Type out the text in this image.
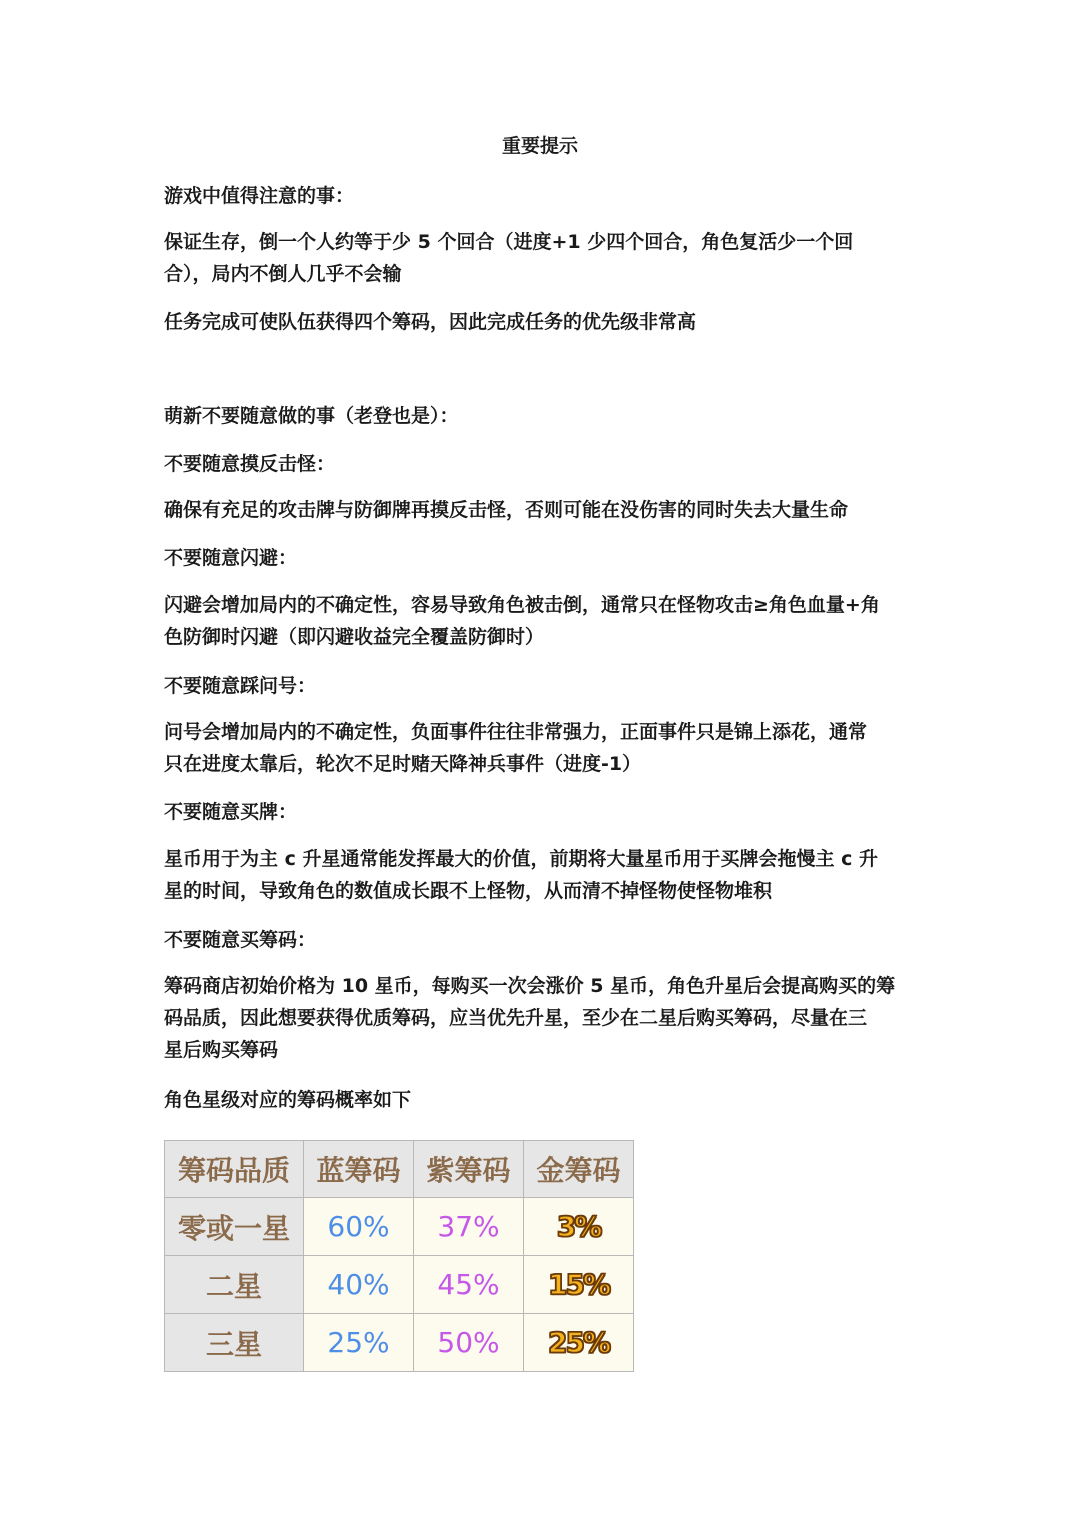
重要提示
游戏中值得注意的事：
保证生存，倒一个人约等于少 5 个回合（进度+1 少四个回合，角色复活少一个回
合），局内不倒人几乎不会输
任务完成可使队伍获得四个筹码，因此完成任务的优先级非常高
萌新不要随意做的事（老登也是）：
不要随意摸反击怪：
确保有充足的攻击牌与防御牌再摸反击怪，否则可能在没伤害的同时失去大量生命
不要随意闪避：
闪避会增加局内的不确定性，容易导致角色被击倒，通常只在怪物攻击≥角色血量+角
色防御时闪避（即闪避收益完全覆盖防御时）
不要随意踩问号：
问号会增加局内的不确定性，负面事件往往非常强力，正面事件只是锦上添花，通常
只在进度太靠后，轮次不足时赌天降神兵事件（进度-1）
不要随意买牌：
星币用于为主 c 升星通常能发挥最大的价值，前期将大量星币用于买牌会拖慢主 c 升
星的时间，导致角色的数值成长跟不上怪物，从而清不掉怪物使怪物堆积
不要随意买筹码：
筹码商店初始价格为 10 星币，每购买一次会涨价 5 星币，角色升星后会提高购买的筹
码品质，因此想要获得优质筹码，应当优先升星，至少在二星后购买筹码，尽量在三
星后购买筹码
角色星级对应的筹码概率如下
筹码品质	蓝筹码	紫筹码	金筹码
零或一星	60%	37%	3%
二星	40%	45%	15%
三星	25%	50%	25%
